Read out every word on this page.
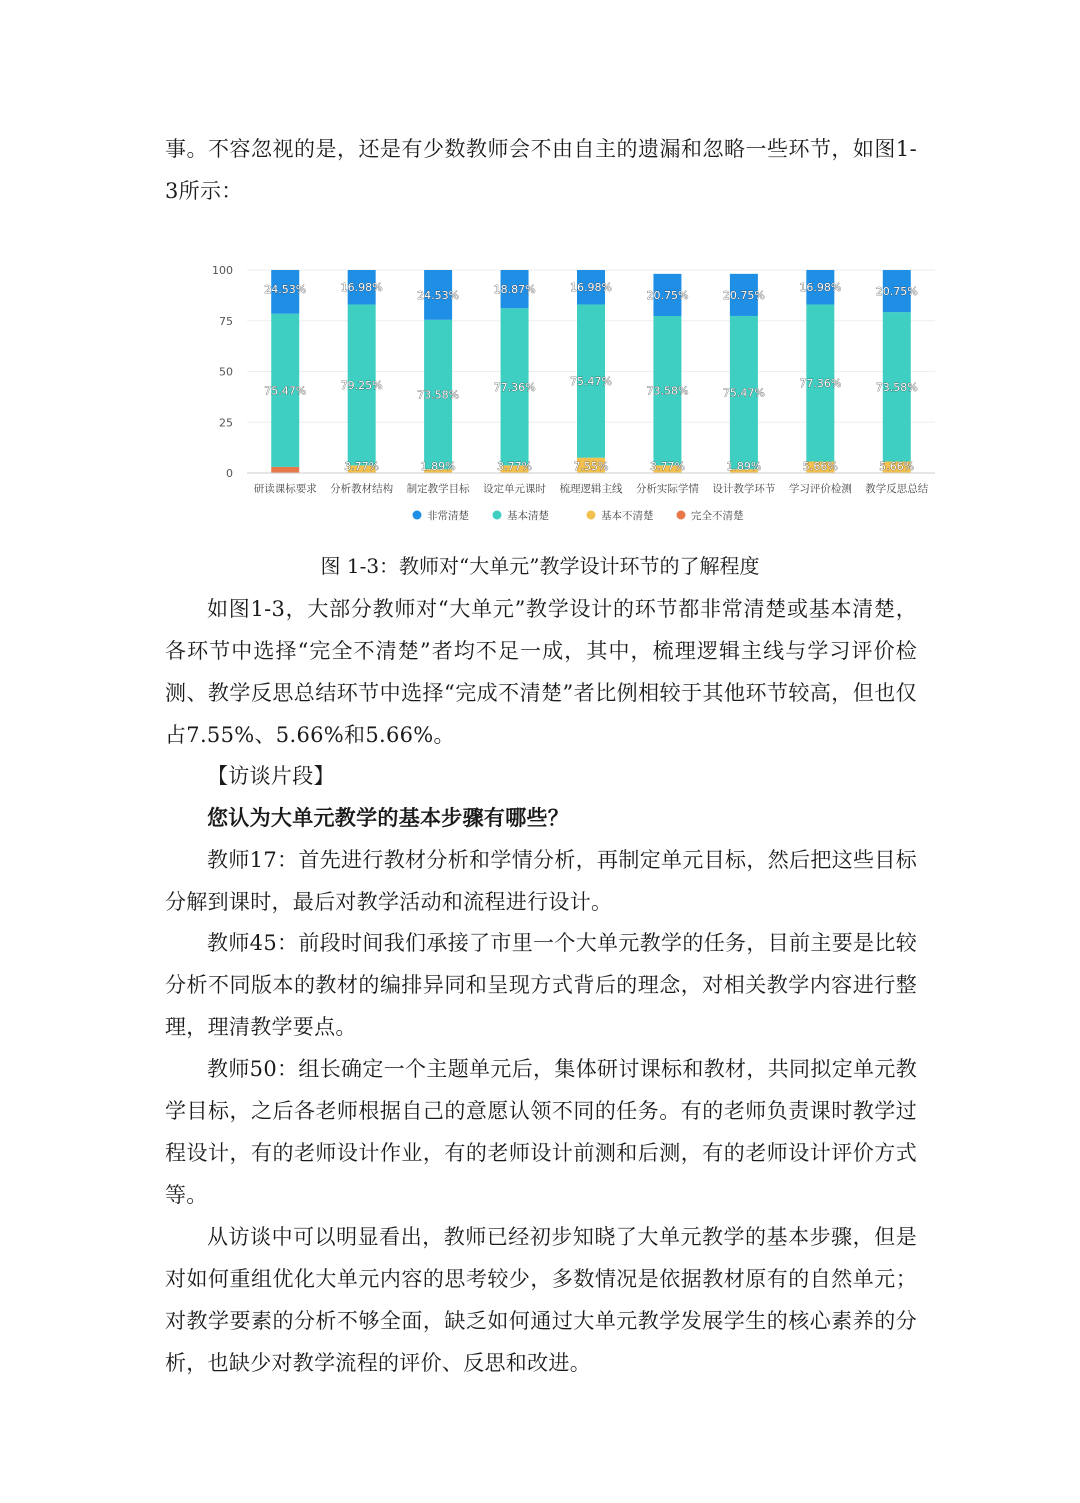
事。不容忽视的是，还是有少数教师会不由自主的遗漏和忽略一些环节，如图1-3所示：

0
25
50
75
100
75.47%
24.53%
3.77%
79.25%
16.98%
1.89%
73.58%
24.53%
3.77%
77.36%
18.87%
7.55%
75.47%
16.98%
3.77%
73.58%
20.75%
1.89%
75.47%
20.75%
5.66%
77.36%
16.98%
5.66%
73.58%
20.75%
研读课标要求 分析教材结构 制定教学目标 设定单元课时 梳理逻辑主线 分析实际学情 设计教学环节 学习评价检测 教学反思总结
非常清楚	基本清楚	基本不清楚	完全不清楚
图 1-3：教师对“大单元”教学设计环节的了解程度

如图1-3，大部分教师对“大单元”教学设计的环节都非常清楚或基本清楚，各环节中选择“完全不清楚”者均不足一成，其中，梳理逻辑主线与学习评价检测、教学反思总结环节中选择“完成不清楚”者比例相较于其他环节较高，但也仅占7.55%、5.66%和5.66%。

【访谈片段】

您认为大单元教学的基本步骤有哪些？

教师17：首先进行教材分析和学情分析，再制定单元目标，然后把这些目标分解到课时，最后对教学活动和流程进行设计。

教师45：前段时间我们承接了市里一个大单元教学的任务，目前主要是比较分析不同版本的教材的编排异同和呈现方式背后的理念，对相关教学内容进行整理，理清教学要点。

教师50：组长确定一个主题单元后，集体研讨课标和教材，共同拟定单元教学目标，之后各老师根据自己的意愿认领不同的任务。有的老师负责课时教学过程设计，有的老师设计作业，有的老师设计前测和后测，有的老师设计评价方式等。

从访谈中可以明显看出，教师已经初步知晓了大单元教学的基本步骤，但是对如何重组优化大单元内容的思考较少，多数情况是依据教材原有的自然单元；对教学要素的分析不够全面，缺乏如何通过大单元教学发展学生的核心素养的分析，也缺少对教学流程的评价、反思和改进。
